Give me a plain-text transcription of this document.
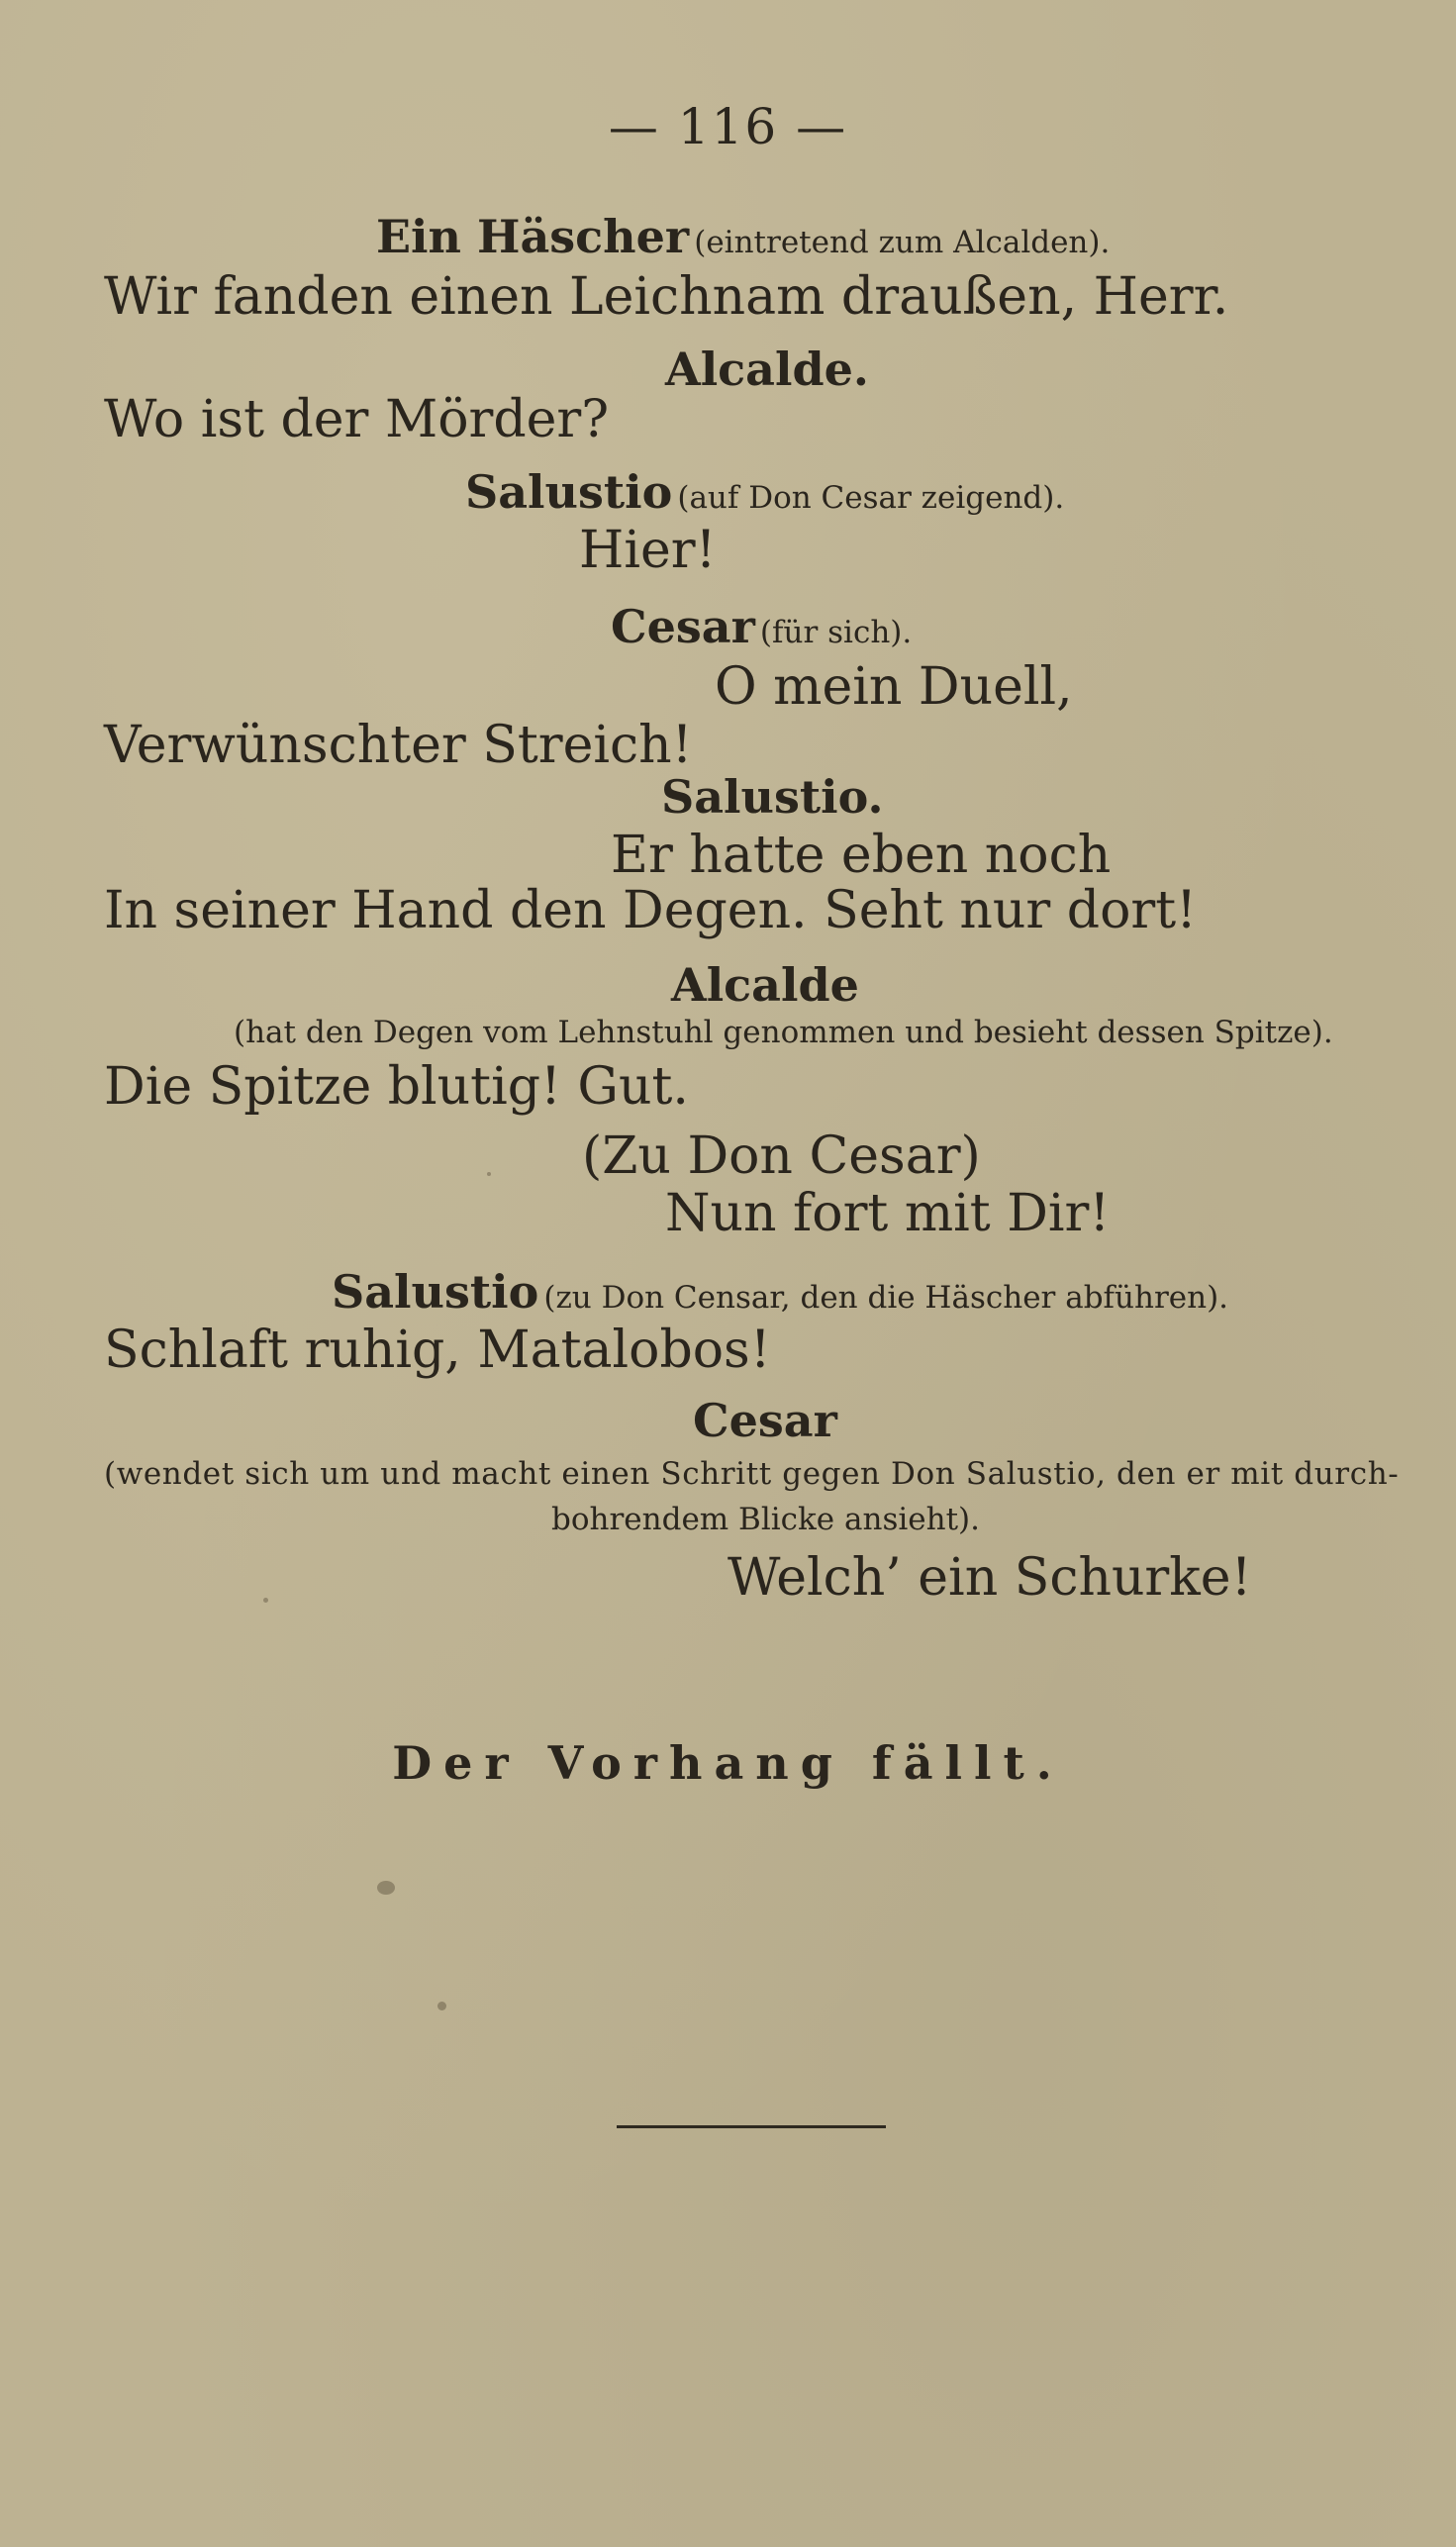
— 116 —
Ein Häscher (eintretend zum Alcalden).
Wir fanden einen Leichnam draußen, Herr.
Alcalde.
Wo ist der Mörder?
Salustio (auf Don Cesar zeigend).
Hier!
Cesar (für sich).
O mein Duell,
Verwünschter Streich!
Salustio.
Er hatte eben noch
In seiner Hand den Degen. Seht nur dort!
Alcalde
(hat den Degen vom Lehnstuhl genommen und besieht dessen Spitze).
Die Spitze blutig! Gut.
(Zu Don Cesar)
Nun fort mit Dir!
Salustio (zu Don Censar, den die Häscher abführen).
Schlaft ruhig, Matalobos!
Cesar
(wendet sich um und macht einen Schritt gegen Don Salustio, den er mit durch-
bohrendem Blicke ansieht).
Welch’ ein Schurke!
Der Vorhang fällt.
